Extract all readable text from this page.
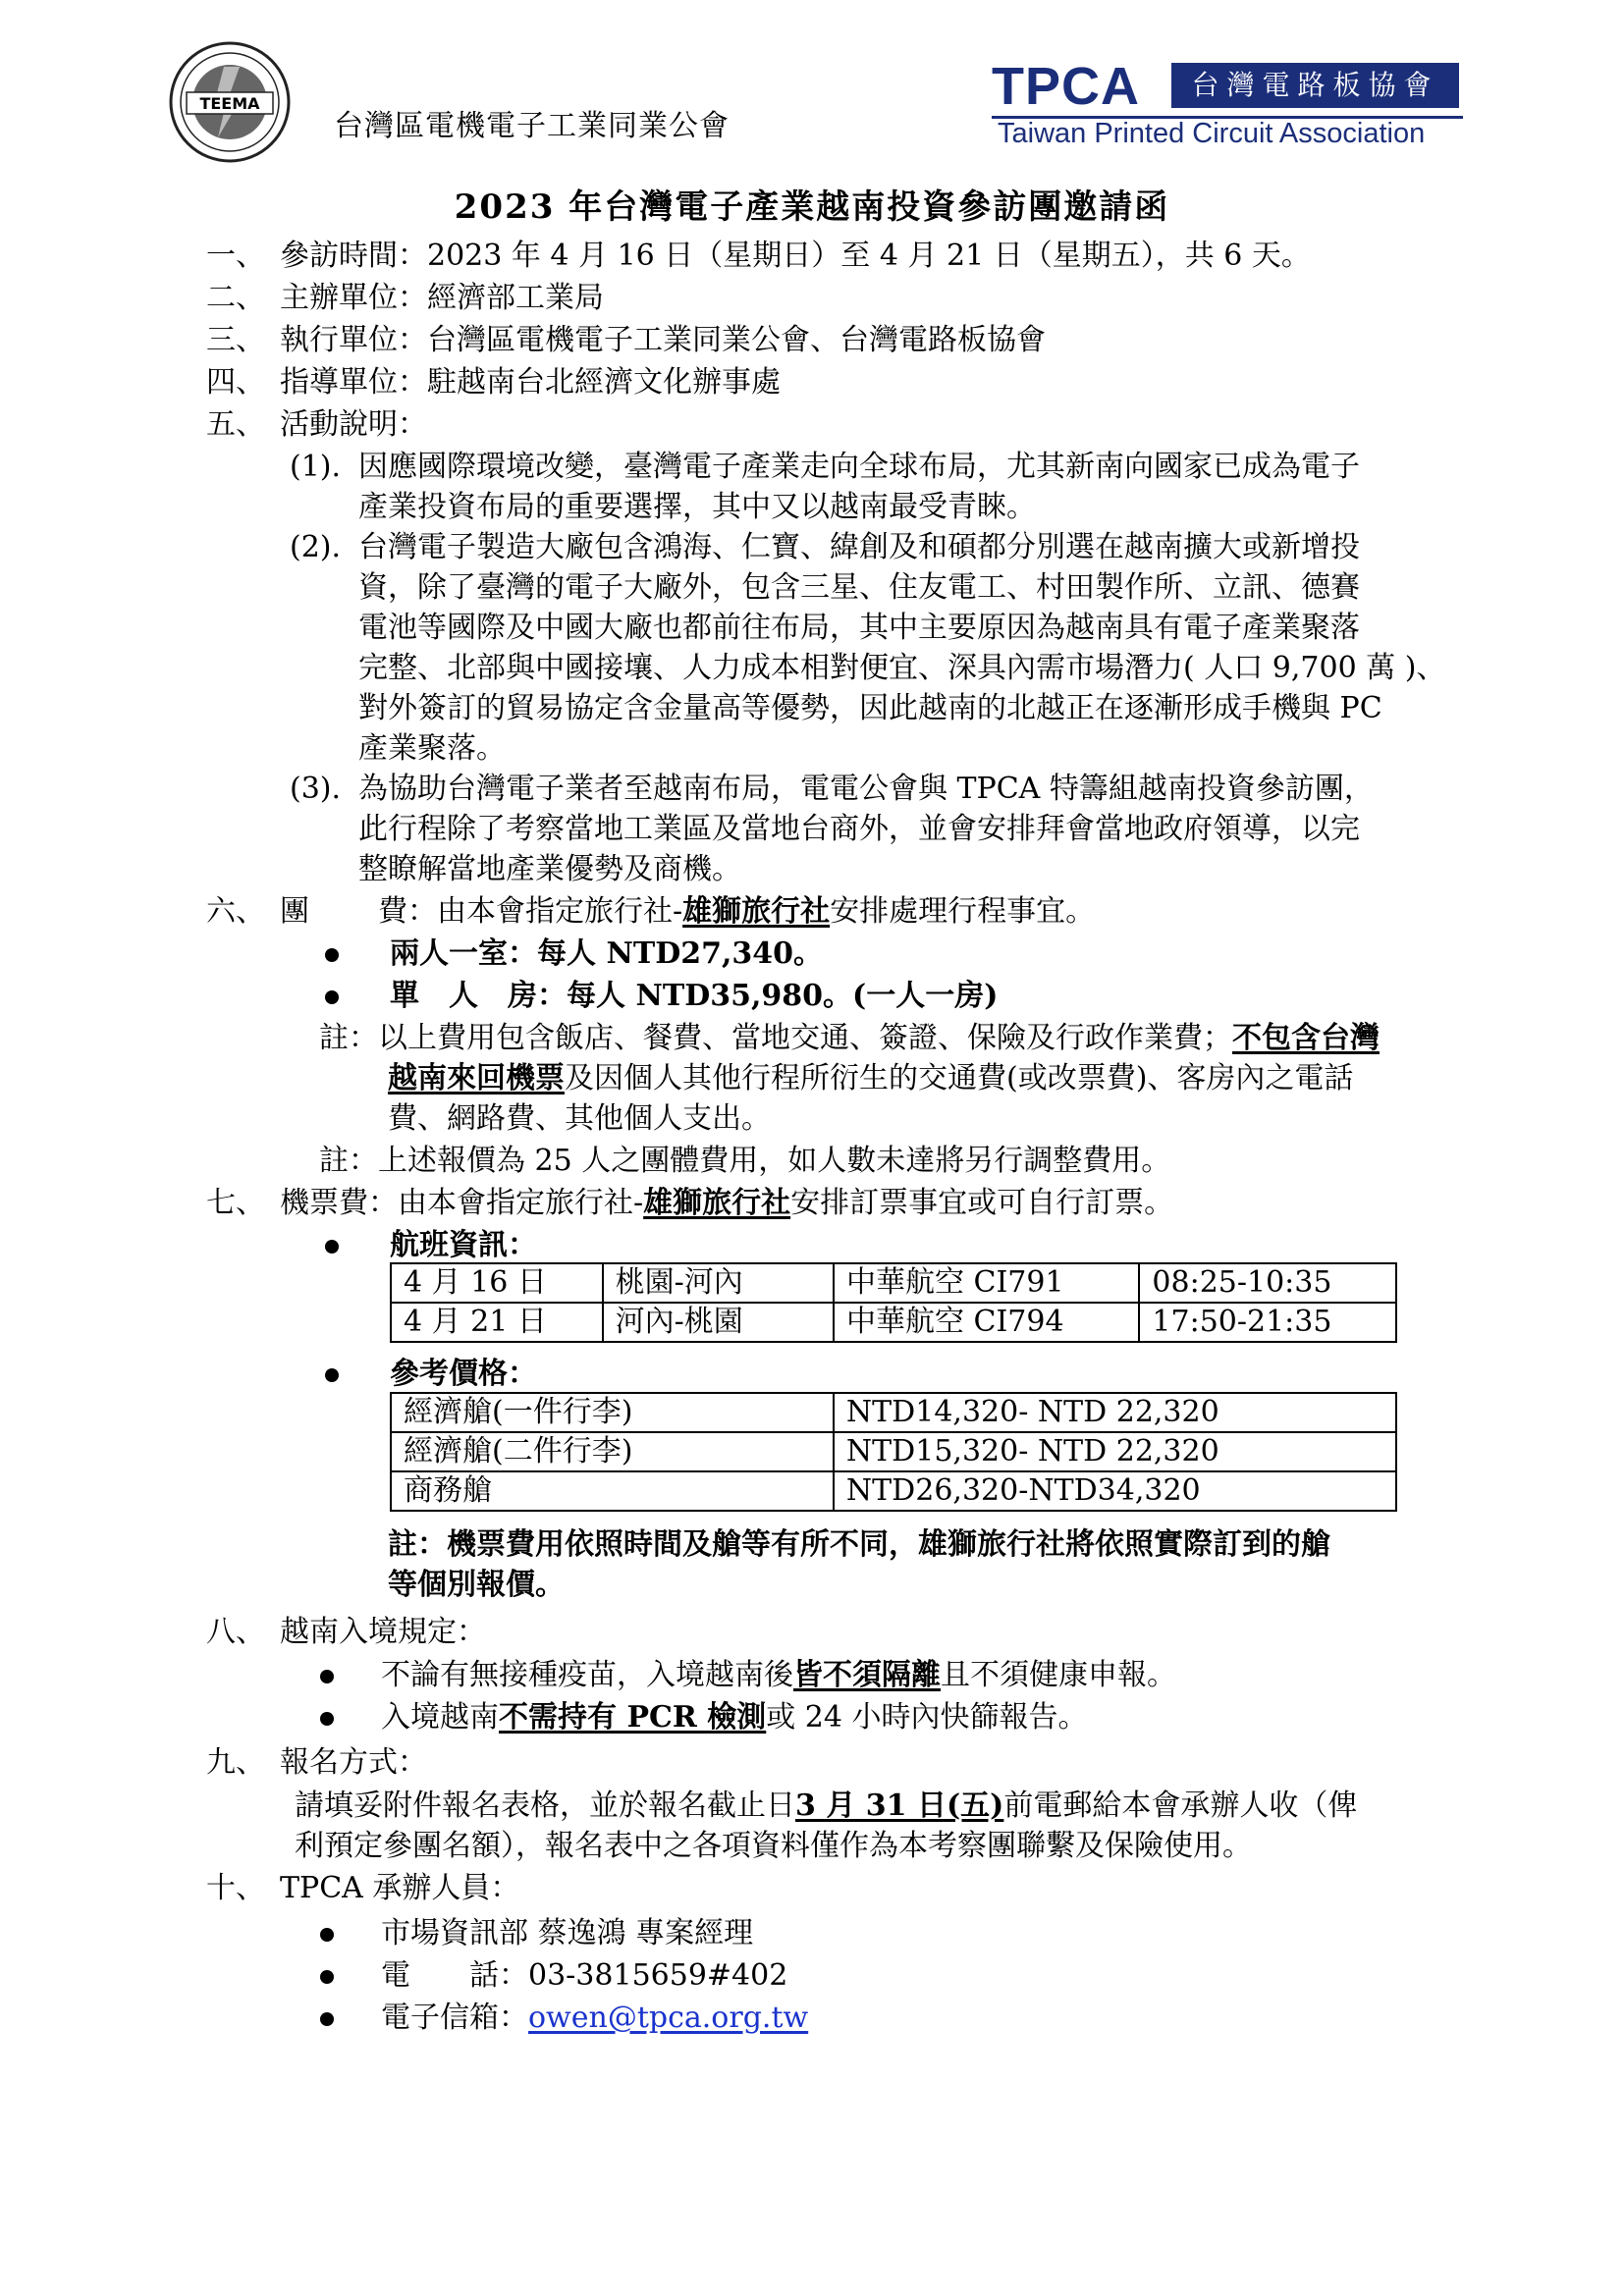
TEEMA
台灣區電機電子工業同業公會
TPCA	台灣電路板協會
Taiwan Printed Circuit Association
2023 年台灣電子產業越南投資參訪團邀請函
一、 參訪時間：2023 年 4 月 16 日（星期日）至 4 月 21 日（星期五），共 6 天。
二、 主辦單位：經濟部工業局
三、 執行單位：台灣區電機電子工業同業公會、台灣電路板協會
四、 指導單位：駐越南台北經濟文化辦事處
五、 活動說明：
(1). 因應國際環境改變，臺灣電子產業走向全球布局，尤其新南向國家已成為電子
產業投資布局的重要選擇，其中又以越南最受青睞。
(2). 台灣電子製造大廠包含鴻海、仁寶、緯創及和碩都分別選在越南擴大或新增投
資，除了臺灣的電子大廠外，包含三星、住友電工、村田製作所、立訊、德賽
電池等國際及中國大廠也都前往布局，其中主要原因為越南具有電子產業聚落
完整、北部與中國接壤、人力成本相對便宜、深具內需市場潛力( 人口 9,700 萬 )、
對外簽訂的貿易協定含金量高等優勢，因此越南的北越正在逐漸形成手機與 PC
產業聚落。
(3). 為協助台灣電子業者至越南布局，電電公會與 TPCA 特籌組越南投資參訪團，
此行程除了考察當地工業區及當地台商外，並會安排拜會當地政府領導，以完
整瞭解當地產業優勢及商機。
六、 團 費：由本會指定旅行社-雄獅旅行社安排處理行程事宜。
兩人一室：每人 NTD27,340。
單　人　房：每人 NTD35,980。(一人一房)
註：以上費用包含飯店、餐費、當地交通、簽證、保險及行政作業費；不包含台灣
越南來回機票及因個人其他行程所衍生的交通費(或改票費)、客房內之電話
費、網路費、其他個人支出。
註：上述報價為 25 人之團體費用，如人數未達將另行調整費用。
七、 機票費：由本會指定旅行社-雄獅旅行社安排訂票事宜或可自行訂票。
航班資訊：
4 月 16 日	桃園-河內	中華航空 CI791	08:25-10:35
4 月 21 日	河內-桃園	中華航空 CI794	17:50-21:35
參考價格：
經濟艙(一件行李)	NTD14,320- NTD 22,320
經濟艙(二件行李)	NTD15,320- NTD 22,320
商務艙	NTD26,320-NTD34,320
註：機票費用依照時間及艙等有所不同，雄獅旅行社將依照實際訂到的艙
等個別報價。
八、 越南入境規定：
不論有無接種疫苗，入境越南後皆不須隔離且不須健康申報。
入境越南不需持有 PCR 檢測或 24 小時內快篩報告。
九、 報名方式：
請填妥附件報名表格，並於報名截止日3 月 31 日(五)前電郵給本會承辦人收（俾
利預定參團名額），報名表中之各項資料僅作為本考察團聯繫及保險使用。
十、 TPCA 承辦人員：
市場資訊部 蔡逸鴻 專案經理
電　　話：03-3815659#402
電子信箱：owen@tpca.org.tw
